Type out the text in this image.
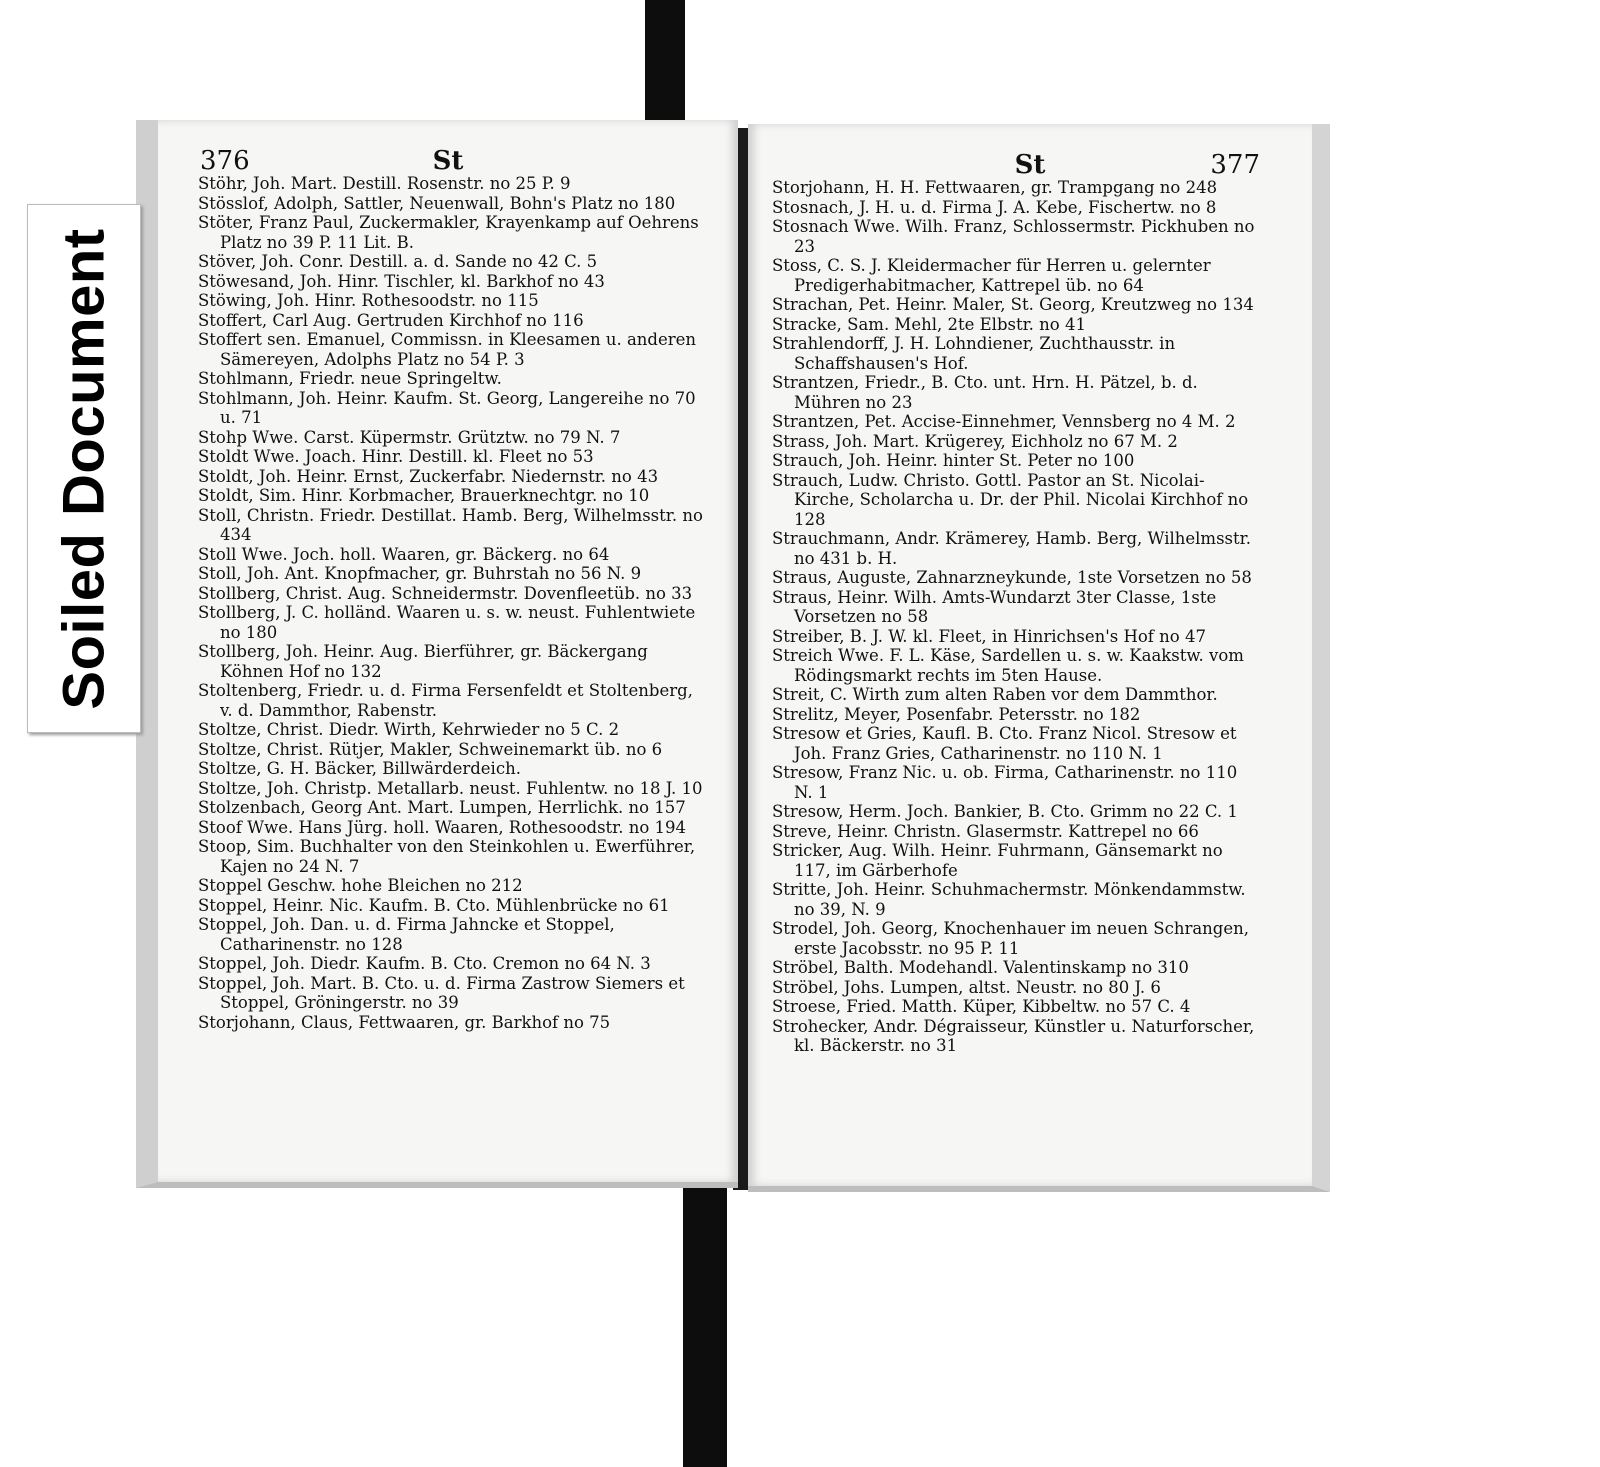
Soiled Document
376	St
Stöhr, Joh. Mart. Destill. Rosenstr. no 25 P. 9
Stösslof, Adolph, Sattler, Neuenwall, Bohn's Platz no 180
Stöter, Franz Paul, Zuckermakler, Krayenkamp auf Oehrens Platz no 39 P. 11 Lit. B.
Stöver, Joh. Conr. Destill. a. d. Sande no 42 C. 5
Stöwesand, Joh. Hinr. Tischler, kl. Barkhof no 43
Stöwing, Joh. Hinr. Rothesoodstr. no 115
Stoffert, Carl Aug. Gertruden Kirchhof no 116
Stoffert sen. Emanuel, Commissn. in Kleesamen u. anderen Sämereyen, Adolphs Platz no 54 P. 3
Stohlmann, Friedr. neue Springeltw.
Stohlmann, Joh. Heinr. Kaufm. St. Georg, Langereihe no 70 u. 71
Stohp Wwe. Carst. Küpermstr. Grütztw. no 79 N. 7
Stoldt Wwe. Joach. Hinr. Destill. kl. Fleet no 53
Stoldt, Joh. Heinr. Ernst, Zuckerfabr. Niedernstr. no 43
Stoldt, Sim. Hinr. Korbmacher, Brauerknechtgr. no 10
Stoll, Christn. Friedr. Destillat. Hamb. Berg, Wilhelmsstr. no 434
Stoll Wwe. Joch. holl. Waaren, gr. Bäckerg. no 64
Stoll, Joh. Ant. Knopfmacher, gr. Buhrstah no 56 N. 9
Stollberg, Christ. Aug. Schneidermstr. Dovenfleetüb. no 33
Stollberg, J. C. holländ. Waaren u. s. w. neust. Fuhlentwiete no 180
Stollberg, Joh. Heinr. Aug. Bierführer, gr. Bäckergang Köhnen Hof no 132
Stoltenberg, Friedr. u. d. Firma Fersenfeldt et Stoltenberg, v. d. Dammthor, Rabenstr.
Stoltze, Christ. Diedr. Wirth, Kehrwieder no 5 C. 2
Stoltze, Christ. Rütjer, Makler, Schweinemarkt üb. no 6
Stoltze, G. H. Bäcker, Billwärderdeich.
Stoltze, Joh. Christp. Metallarb. neust. Fuhlentw. no 18 J. 10
Stolzenbach, Georg Ant. Mart. Lumpen, Herrlichk. no 157
Stoof Wwe. Hans Jürg. holl. Waaren, Rothesoodstr. no 194
Stoop, Sim. Buchhalter von den Steinkohlen u. Ewerführer, Kajen no 24 N. 7
Stoppel Geschw. hohe Bleichen no 212
Stoppel, Heinr. Nic. Kaufm. B. Cto. Mühlenbrücke no 61
Stoppel, Joh. Dan. u. d. Firma Jahncke et Stoppel, Catharinenstr. no 128
Stoppel, Joh. Diedr. Kaufm. B. Cto. Cremon no 64 N. 3
Stoppel, Joh. Mart. B. Cto. u. d. Firma Zastrow Siemers et Stoppel, Gröningerstr. no 39
Storjohann, Claus, Fettwaaren, gr. Barkhof no 75
St	377
Storjohann, H. H. Fettwaaren, gr. Trampgang no 248
Stosnach, J. H. u. d. Firma J. A. Kebe, Fischertw. no 8
Stosnach Wwe. Wilh. Franz, Schlossermstr. Pickhuben no 23
Stoss, C. S. J. Kleidermacher für Herren u. gelernter Predigerhabitmacher, Kattrepel üb. no 64
Strachan, Pet. Heinr. Maler, St. Georg, Kreutzweg no 134
Stracke, Sam. Mehl, 2te Elbstr. no 41
Strahlendorff, J. H. Lohndiener, Zuchthausstr. in Schaffshausen's Hof.
Strantzen, Friedr., B. Cto. unt. Hrn. H. Pätzel, b. d. Mühren no 23
Strantzen, Pet. Accise-Einnehmer, Vennsberg no 4 M. 2
Strass, Joh. Mart. Krügerey, Eichholz no 67 M. 2
Strauch, Joh. Heinr. hinter St. Peter no 100
Strauch, Ludw. Christo. Gottl. Pastor an St. Nicolai-Kirche, Scholarcha u. Dr. der Phil. Nicolai Kirchhof no 128
Strauchmann, Andr. Krämerey, Hamb. Berg, Wilhelmsstr. no 431 b. H.
Straus, Auguste, Zahnarzneykunde, 1ste Vorsetzen no 58
Straus, Heinr. Wilh. Amts-Wundarzt 3ter Classe, 1ste Vorsetzen no 58
Streiber, B. J. W. kl. Fleet, in Hinrichsen's Hof no 47
Streich Wwe. F. L. Käse, Sardellen u. s. w. Kaakstw. vom Rödingsmarkt rechts im 5ten Hause.
Streit, C. Wirth zum alten Raben vor dem Dammthor.
Strelitz, Meyer, Posenfabr. Petersstr. no 182
Stresow et Gries, Kaufl. B. Cto. Franz Nicol. Stresow et Joh. Franz Gries, Catharinenstr. no 110 N. 1
Stresow, Franz Nic. u. ob. Firma, Catharinenstr. no 110 N. 1
Stresow, Herm. Joch. Bankier, B. Cto. Grimm no 22 C. 1
Streve, Heinr. Christn. Glasermstr. Kattrepel no 66
Stricker, Aug. Wilh. Heinr. Fuhrmann, Gänsemarkt no 117, im Gärberhofe
Stritte, Joh. Heinr. Schuhmachermstr. Mönkendammstw. no 39, N. 9
Strodel, Joh. Georg, Knochenhauer im neuen Schrangen, erste Jacobsstr. no 95 P. 11
Ströbel, Balth. Modehandl. Valentinskamp no 310
Ströbel, Johs. Lumpen, altst. Neustr. no 80 J. 6
Stroese, Fried. Matth. Küper, Kibbeltw. no 57 C. 4
Strohecker, Andr. Dégraisseur, Künstler u. Naturforscher, kl. Bäckerstr. no 31
